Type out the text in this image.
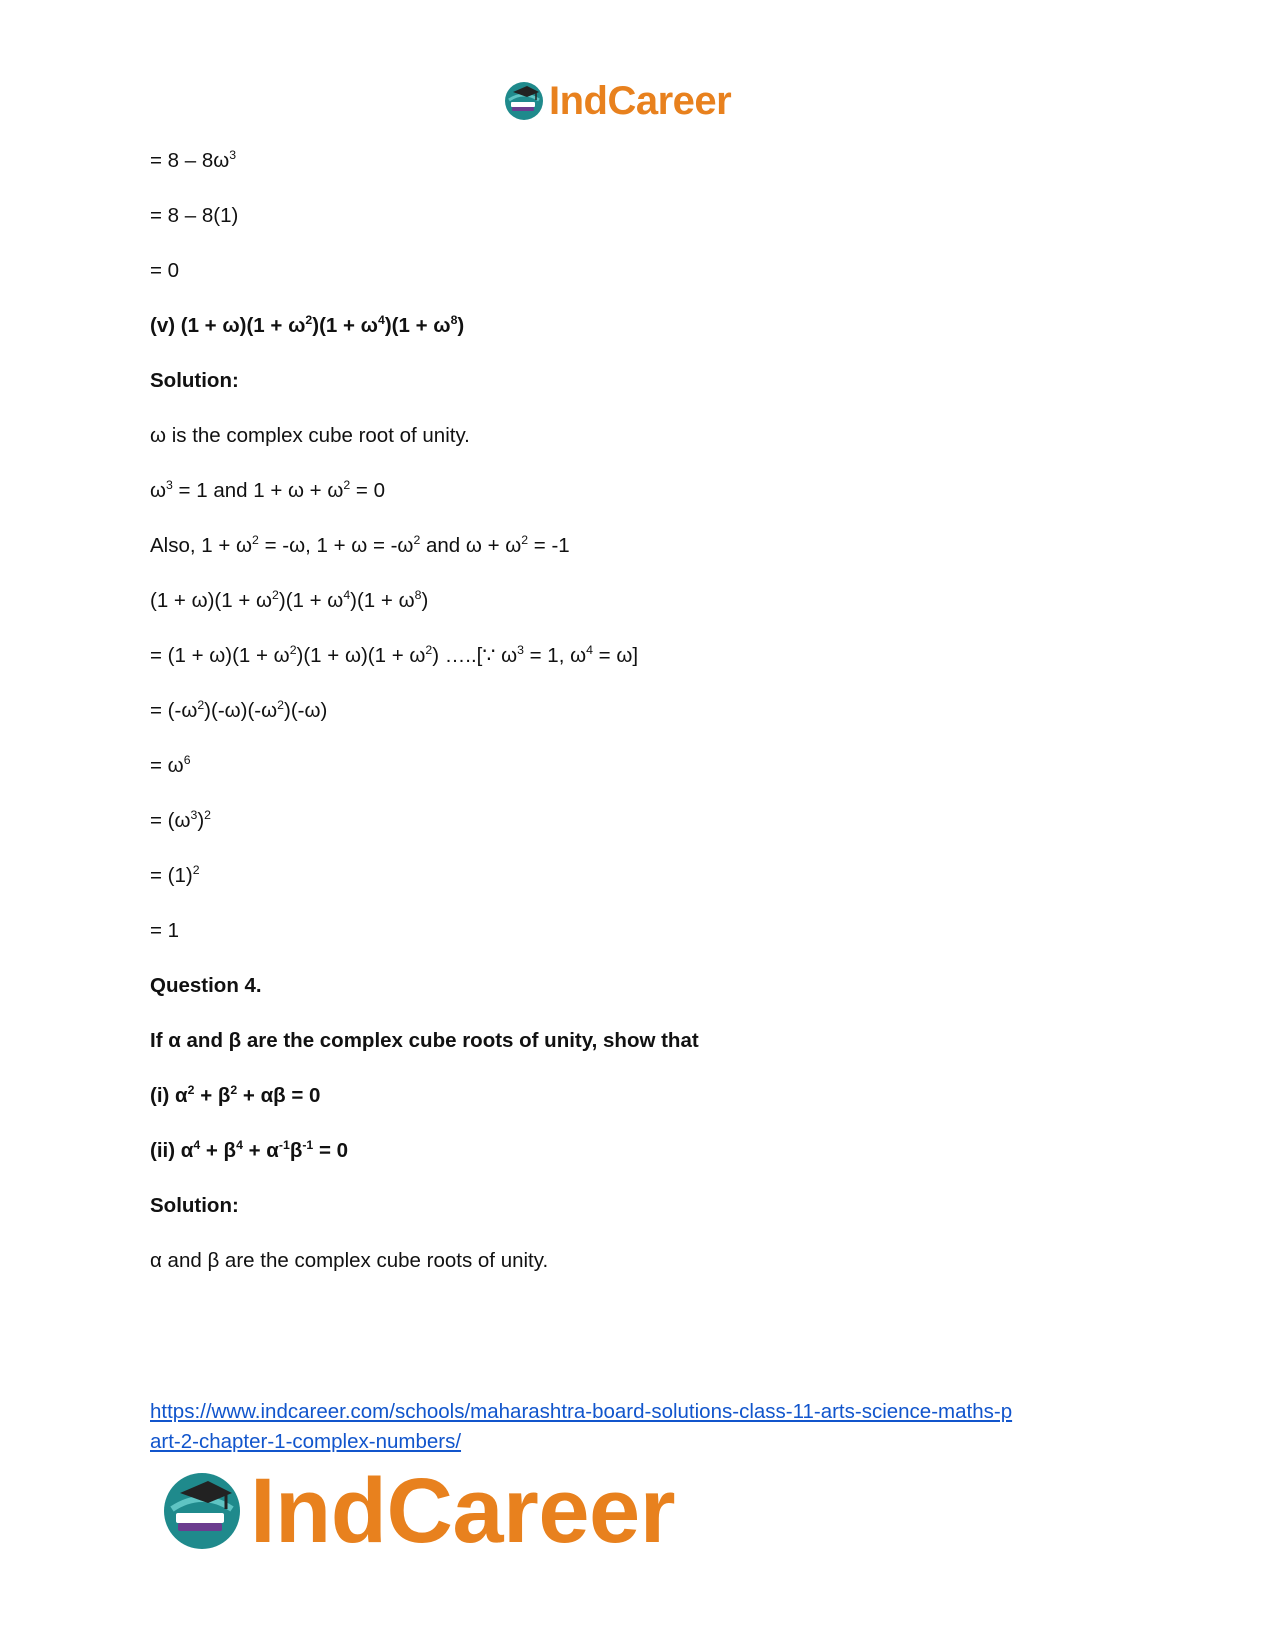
IndCareer
= $8 - 8\omega^3$
= 8 – 8(1)
= 0
(v) $(1 + \omega)(1 + \omega^2)(1 + \omega^4)(1 + \omega^8)$
Solution:
ω is the complex cube root of unity.
$\omega^3 = 1$ and $1 + \omega + \omega^2 = 0$
Also, $1 + \omega^2 = -\omega$, $1 + \omega = -\omega^2$ and $\omega + \omega^2 = -1$
$(1 + \omega)(1 + \omega^2)(1 + \omega^4)(1 + \omega^8)$
= $(1 + \omega)(1 + \omega^2)(1 + \omega)(1 + \omega^2)$ …..[∵ $\omega^3 = 1$, $\omega^4 = \omega$]
= $(-\omega^2)(-\omega)(-\omega^2)(-\omega)$
= $\omega^6$
= $(\omega^3)^2$
= $(1)^2$
= 1
Question 4.
If α and β are the complex cube roots of unity, show that
(i) $\alpha^2 + \beta^2 + \alpha\beta = 0$
(ii) $\alpha^4 + \beta^4 + \alpha^{-1}\beta^{-1} = 0$
Solution:
α and β are the complex cube roots of unity.
https://www.indcareer.com/schools/maharashtra-board-solutions-class-11-arts-science-maths-p
art-2-chapter-1-complex-numbers/
IndCareer
